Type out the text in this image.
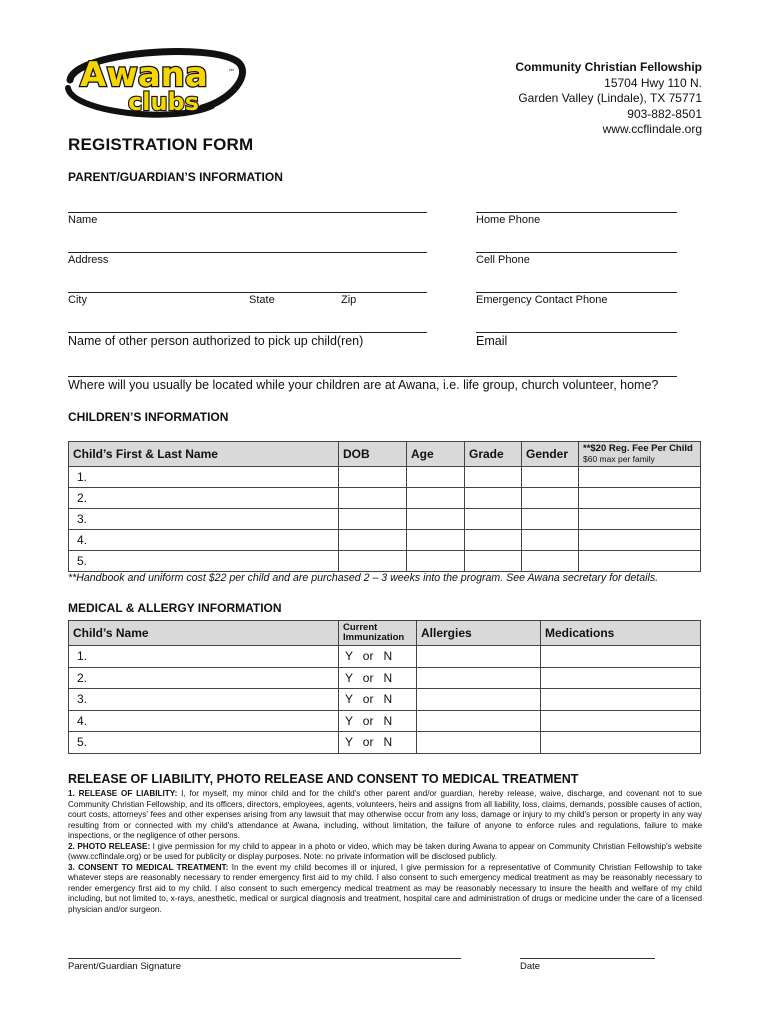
Awana
clubs
™	Community Christian Fellowship
15704 Hwy 110 N.
Garden Valley (Lindale), TX 75771
903-882-8501
www.ccflindale.org
REGISTRATION FORM
PARENT/GUARDIAN’S INFORMATION
Name	Home Phone
Address	Cell Phone
City	State	Zip	Emergency Contact Phone
Name of other person authorized to pick up child(ren)	Email
Where will you usually be located while your children are at Awana, i.e. life group, church volunteer, home?
CHILDREN’S INFORMATION
Child’s First & Last Name	DOB	Age	Grade	Gender	**$20 Reg. Fee Per Child
$60 max per family

1.					
2.					
3.					
4.					
5.					
**Handbook and uniform cost $22 per child and are purchased 2 – 3 weeks into the program. See Awana secretary for details.
MEDICAL & ALLERGY INFORMATION
Child’s Name	Current
Immunization	Allergies	Medications
1.	Y   or   N		
2.	Y   or   N		
3.	Y   or   N		
4.	Y   or   N		
5.	Y   or   N		
RELEASE OF LIABILITY, PHOTO RELEASE AND CONSENT TO MEDICAL TREATMENT

1. RELEASE OF LIABILITY: I, for myself, my minor child and for the child's other parent and/or guardian, hereby release, waive, discharge, and covenant not to sue Community Christian Fellowship, and its officers, directors, employees, agents, volunteers, heirs and assigns from all liability, loss, claims, demands, possible causes of action, court costs, attorneys' fees and other expenses arising from any lawsuit that may otherwise occur from any loss, damage or injury to my child's person or property in any way resulting from or connected with my child's attendance at Awana, including, without limitation, the failure of anyone to enforce rules and regulations, failure to make inspections, or the negligence of other persons.

2. PHOTO RELEASE: I give permission for my child to appear in a photo or video, which may be taken during Awana to appear on Community Christian Fellowship's website (www.ccflindale.org) or be used for publicity or display purposes. Note: no private information will be disclosed publicly.

3. CONSENT TO MEDICAL TREATMENT: In the event my child becomes ill or injured, I give permission for a representative of Community Christian Fellowship to take whatever steps are reasonably necessary to render emergency first aid to my child. I also consent to such emergency medical treatment as may be reasonably necessary to render emergency first aid to my child. I also consent to such emergency medical treatment as may be reasonably necessary to insure the health and welfare of my child including, but not limited to, x-rays, anesthetic, medical or surgical diagnosis and treatment, hospital care and administration of drugs or medicine under the care of a licensed physician and/or surgeon.

Parent/Guardian Signature	Date
